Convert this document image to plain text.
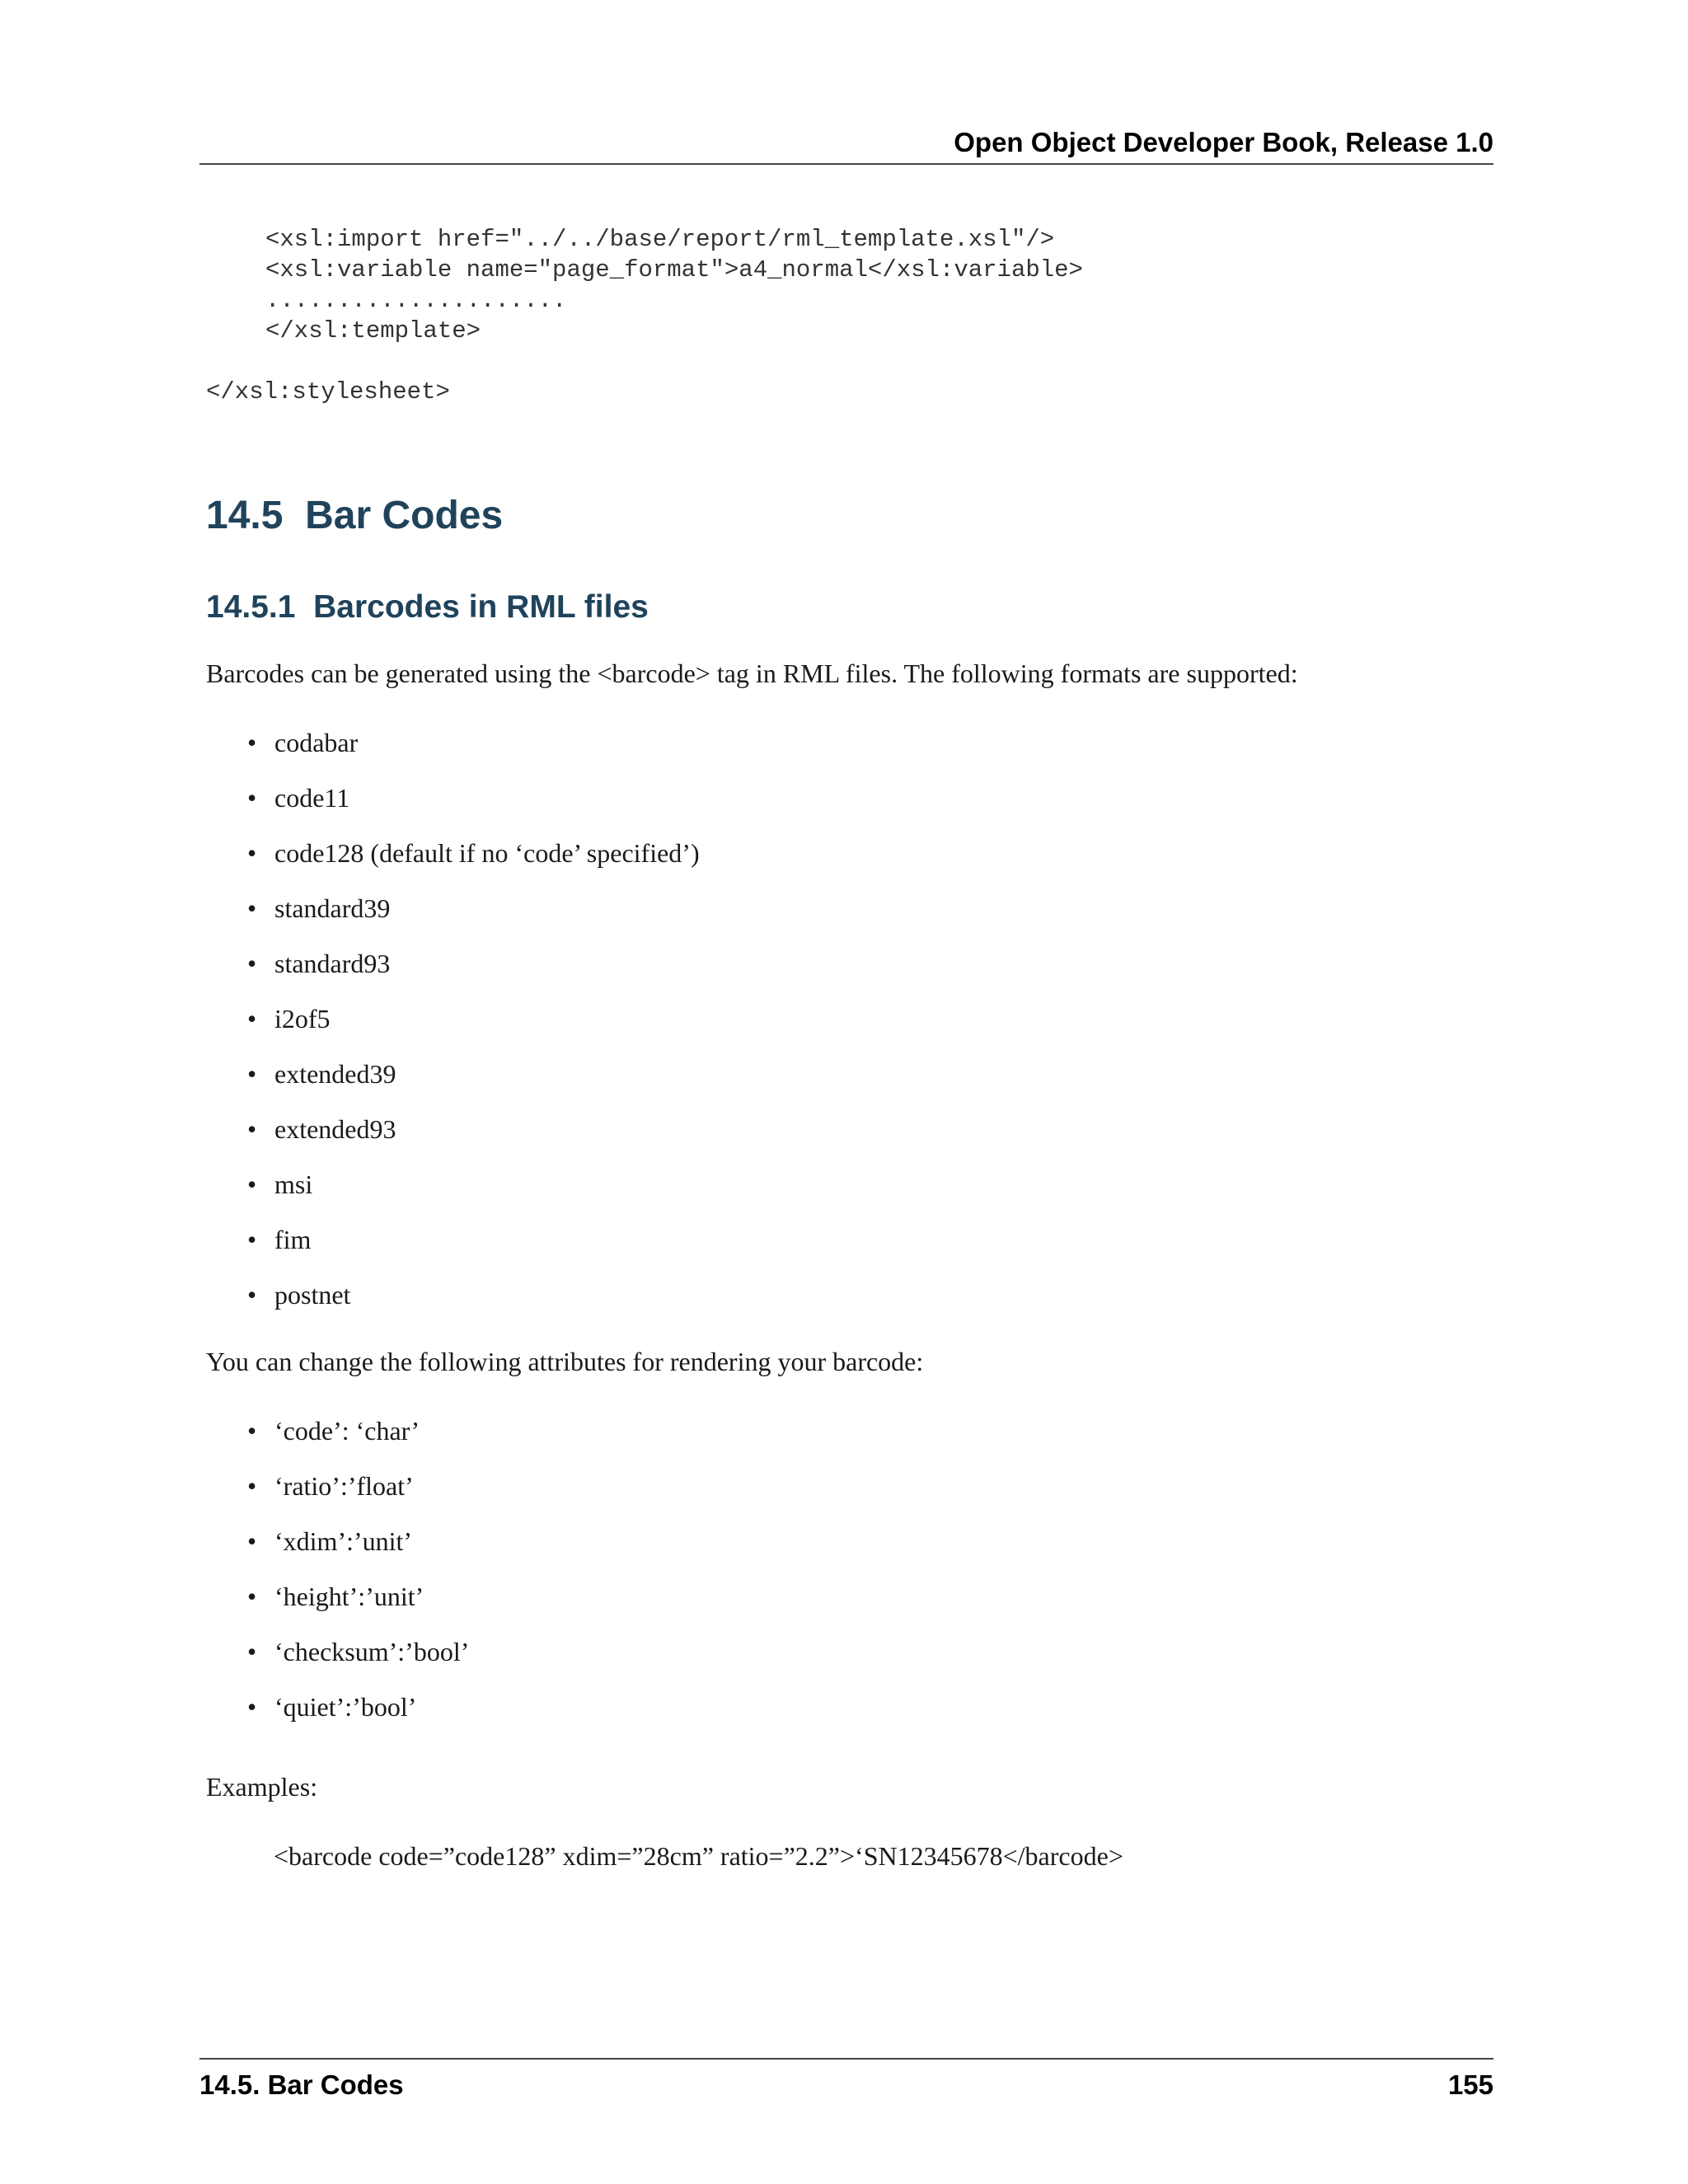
Open Object Developer Book, Release 1.0
<xsl:import href="../../base/report/rml_template.xsl"/>
<xsl:variable name="page_format">a4_normal</xsl:variable>
.....................
</xsl:template>
</xsl:stylesheet>
14.5 Bar Codes
14.5.1 Barcodes in RML files

Barcodes can be generated using the <barcode> tag in RML files. The following formats are supported:

• codabar
• code11
• code128 (default if no ‘code’ specified’)
• standard39
• standard93
• i2of5
• extended39
• extended93
• msi
• fim
• postnet

You can change the following attributes for rendering your barcode:

• ‘code’: ‘char’
• ‘ratio’:’float’
• ‘xdim’:’unit’
• ‘height’:’unit’
• ‘checksum’:’bool’
• ‘quiet’:’bool’

Examples:

<barcode code=”code128” xdim=”28cm” ratio=”2.2”>‘SN12345678</barcode>

14.5. Bar Codes	155
